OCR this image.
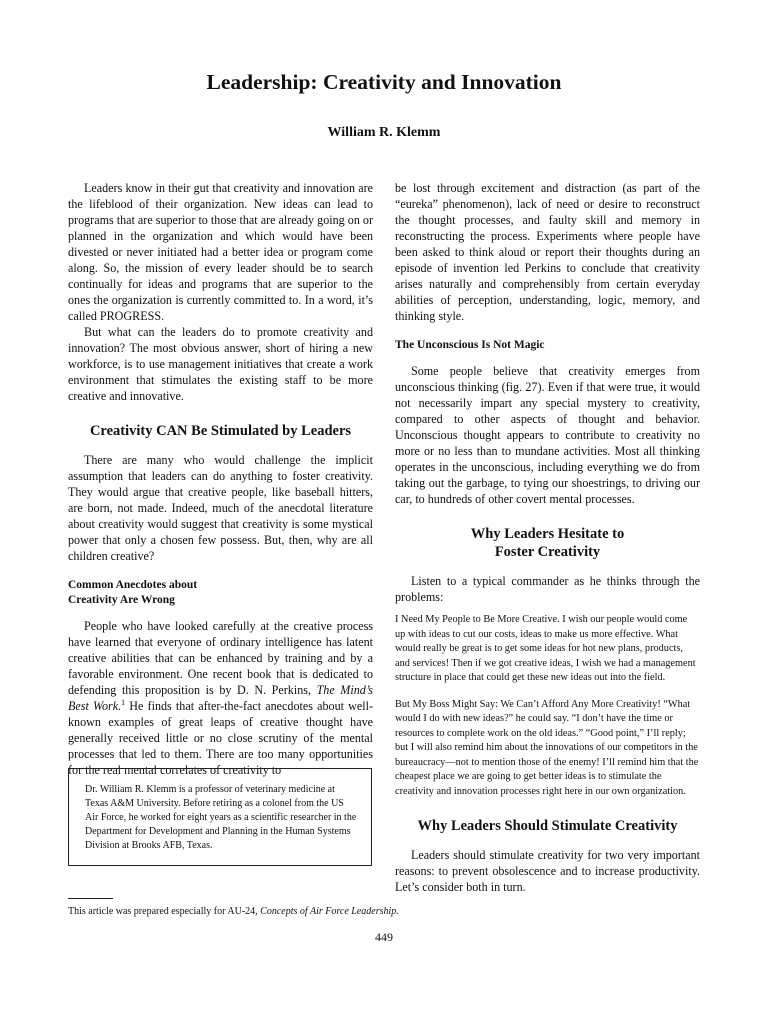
Leadership: Creativity and Innovation
William R. Klemm

Leaders know in their gut that creativity and innovation are the lifeblood of their organization. New ideas can lead to programs that are superior to those that are already going on or planned in the organization and which would have been divested or never initiated had a better idea or program come along. So, the mission of every leader should be to search continually for ideas and programs that are superior to the ones the organization is currently committed to. In a word, it’s called PROGRESS.

But what can the leaders do to promote creativity and innovation? The most obvious answer, short of hiring a new workforce, is to use management initiatives that create a work environment that stimulates the existing staff to be more creative and innovative.

Creativity CAN Be Stimulated by Leaders

There are many who would challenge the implicit assumption that leaders can do anything to foster creativity. They would argue that creative people, like baseball hitters, are born, not made. Indeed, much of the anecdotal literature about creativity would suggest that creativity is some mystical power that only a chosen few possess. But, then, why are all children creative?

Common Anecdotes about
Creativity Are Wrong

People who have looked carefully at the creative process have learned that everyone of ordinary intelligence has latent creative abilities that can be enhanced by training and by a favorable environment. One recent book that is dedicated to defending this proposition is by D. N. Perkins, The Mind’s Best Work.$^1$ He finds that after-the-fact anecdotes about well-known examples of great leaps of creative thought have generally received little or no close scrutiny of the mental processes that led to them. There are too many opportunities for the real mental correlates of creativity to

be lost through excitement and distraction (as part of the “eureka” phenomenon), lack of need or desire to reconstruct the thought processes, and faulty skill and memory in reconstructing the process. Experiments where people have been asked to think aloud or report their thoughts during an episode of invention led Perkins to conclude that creativity arises naturally and comprehensibly from certain everyday abilities of perception, understanding, logic, memory, and thinking style.

The Unconscious Is Not Magic

Some people believe that creativity emerges from unconscious thinking (fig. 27). Even if that were true, it would not necessarily impart any special mystery to creativity, compared to other aspects of thought and behavior. Unconscious thought appears to contribute to creativity no more or no less than to mundane activities. Most all thinking operates in the unconscious, including everything we do from taking out the garbage, to tying our shoestrings, to driving our car, to hundreds of other covert mental processes.

Why Leaders Hesitate to
Foster Creativity

Listen to a typical commander as he thinks through the problems:

I Need My People to Be More Creative. I wish our people would come up with ideas to cut our costs, ideas to make us more effective. What would really be great is to get some ideas for hot new plans, products, and services! Then if we got creative ideas, I wish we had a management structure in place that could get these new ideas out into the field.

But My Boss Might Say: We Can’t Afford Any More Creativity! “What would I do with new ideas?” he could say. “I don’t have the time or resources to complete work on the old ideas.” “Good point,” I’ll reply; but I will also remind him about the innovations of our competitors in the bureaucracy—not to mention those of the enemy! I’ll remind him that the cheapest place we are going to get better ideas is to stimulate the creativity and innovation processes right here in our own organization.

Why Leaders Should Stimulate Creativity

Leaders should stimulate creativity for two very important reasons: to prevent obsolescence and to increase productivity. Let’s consider both in turn.

Dr. William R. Klemm is a professor of veterinary medicine at Texas A&M University. Before retiring as a colonel from the US Air Force, he worked for eight years as a scientific researcher in the Department for Development and Planning in the Human Systems Division at Brooks AFB, Texas.
This article was prepared especially for AU-24, Concepts of Air Force Leadership.
449
